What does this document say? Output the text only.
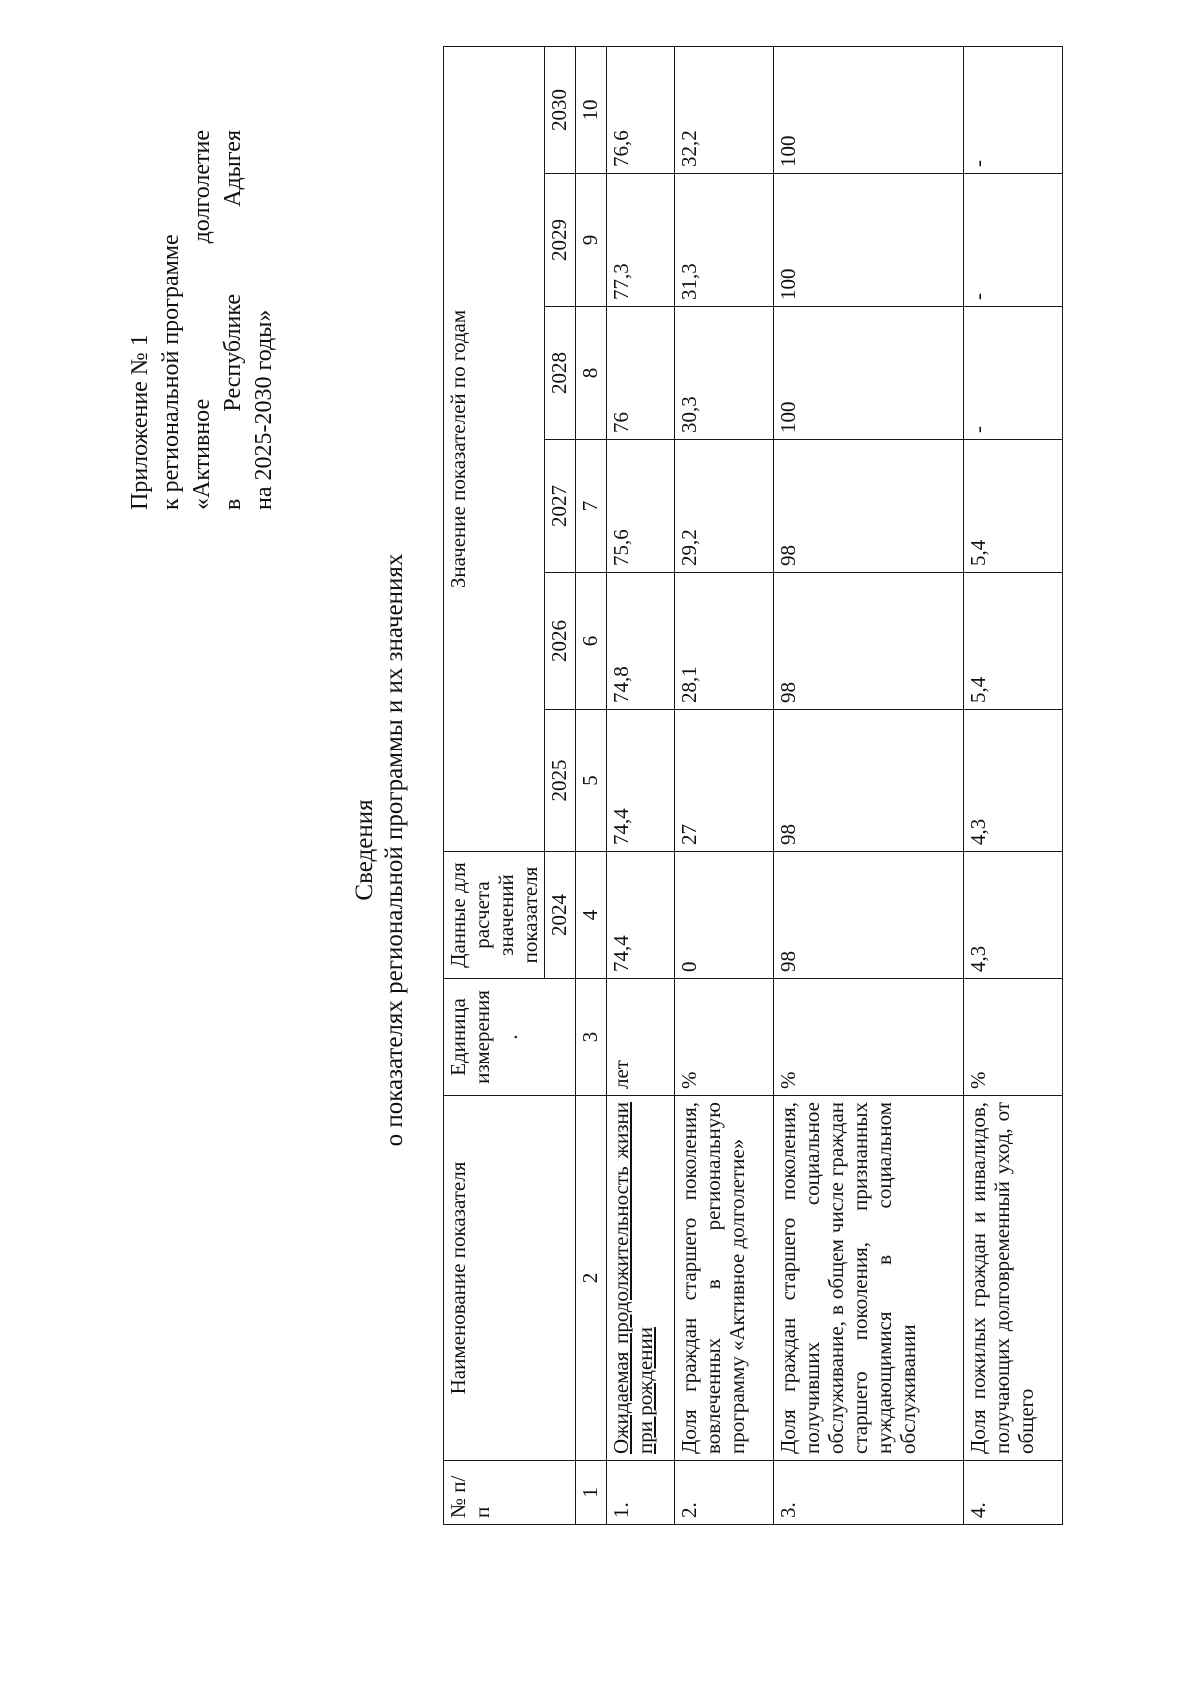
Приложение № 1 к региональной программе «Активное
долголетие
в
Республике
Адыгея
на 2025-2030 годы»
Сведения о показателях региональной программы и их значениях
№ п/п	Наименование показателя	Единица измерения ·	Данные для расчета значений показателя	Значение показателей по годам					
			2024	2025	2026	2027	2028	2029	2030
1	2	3	4	5	6	7	8	9	10
1.	Ожидаемая продолжительность жизни при рождении	лет	74,4	74,4	74,8	75,6	76	77,3	76,6
2.	Доля граждан старшего поколения, вовлеченных в региональную программу «Активное долголетие»	%	0	27	28,1	29,2	30,3	31,3	32,2
3.	Доля граждан старшего поколения, получивших социальное обслуживание, в общем числе граждан старшего поколения, признанных нуждающимися в социальном обслуживании	%	98	98	98	98	100	100	100
4.	Доля пожилых граждан и инвалидов, получающих долговременный уход, от общего	%	4,3	4,3	5,4	5,4	-	-	-
